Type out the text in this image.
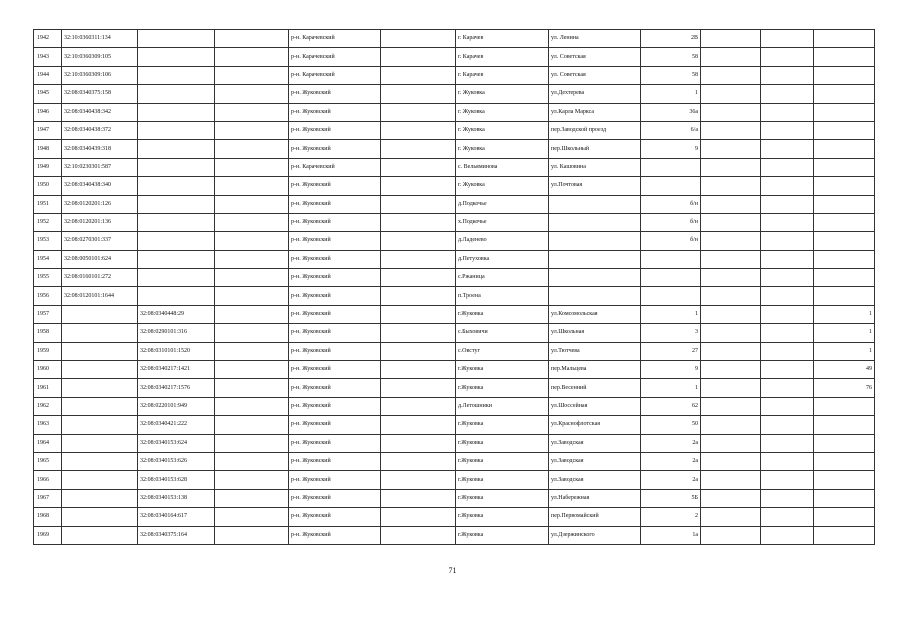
1942	32:10:0360311:134			р-н. Карачевский		г. Карачев	ул. Ленина	2В			
1943	32:10:0360309:105			р-н. Карачевский		г. Карачев	ул. Советская	58			
1944	32:10:0360309:106			р-н. Карачевский		г. Карачев	ул. Советская	58			
1945	32:08:0340375:158			р-н. Жуковский		г. Жуковка	ул.Дехтерева	1			
1946	32:08:0340438:342			р-н. Жуковский		г. Жуковка	ул.Карла Маркса	36а			
1947	32:08:0340438:372			р-н. Жуковский		г. Жуковка	пер.Заводской проезд	6/а			
1948	32:08:0340439:318			р-н. Жуковский		г. Жуковка	пер.Школьный	9			
1949	32:10:0230301:587			р-н. Карачевский		с. Вельяминова	ул. Кашовина				
1950	32:08:0340438:340			р-н. Жуковский		г. Жуковка	ул.Почтовая				
1951	32:08:0120201:126			р-н. Жуковский		д.Подкочье		б/н			
1952	32:08:0120201:136			р-н. Жуковский		х.Подкочье		б/н			
1953	32:08:0270301:337			р-н. Жуковский		д.Ладенево		б/н			
1954	32:08:0050101:624			р-н. Жуковский		д.Петуховка					
1955	32:08:0160101:272			р-н. Жуковский		с.Ржаница					
1956	32:08:0120101:1644			р-н. Жуковский		п.Троена					
1957		32:08:0340448:29		р-н. Жуковский		г.Жуковка	ул.Комсомольская	1			1
1958		32:08:0290101:316		р-н. Жуковский		с.Быховичи	ул.Школьная	3			1
1959		32:08:0310101:1520		р-н. Жуковский		с.Овстуг	ул.Тютчева	27			1
1960		32:08:0340217:1421		р-н. Жуковский		г.Жуковка	пер.Мальцева	9			49
1961		32:08:0340217:1576		р-н. Жуковский		г.Жуковка	пер.Весенний	1			76
1962		32:08:0220101:949		р-н. Жуковский		д.Летошники	ул.Шоссейная	62			
1963		32:08:0340421:222		р-н. Жуковский		г.Жуковка	ул.Краснофлотская	50			
1964		32:08:0340153:624		р-н. Жуковский		г.Жуковка	ул.Заводская	2а			
1965		32:08:0340153:626		р-н. Жуковский		г.Жуковка	ул.Заводская	2а			
1966		32:08:0340153:628		р-н. Жуковский		г.Жуковка	ул.Заводская	2а			
1967		32:08:0340153:138		р-н. Жуковский		г.Жуковка	ул.Набережная	5Б			
1968		32:08:0340164:617		р-н. Жуковский		г.Жуковка	пер.Первомайский	2			
1969		32:08:0340375:164		р-н. Жуковский		г.Жуковка	ул.Дзержинского	1а			
71
